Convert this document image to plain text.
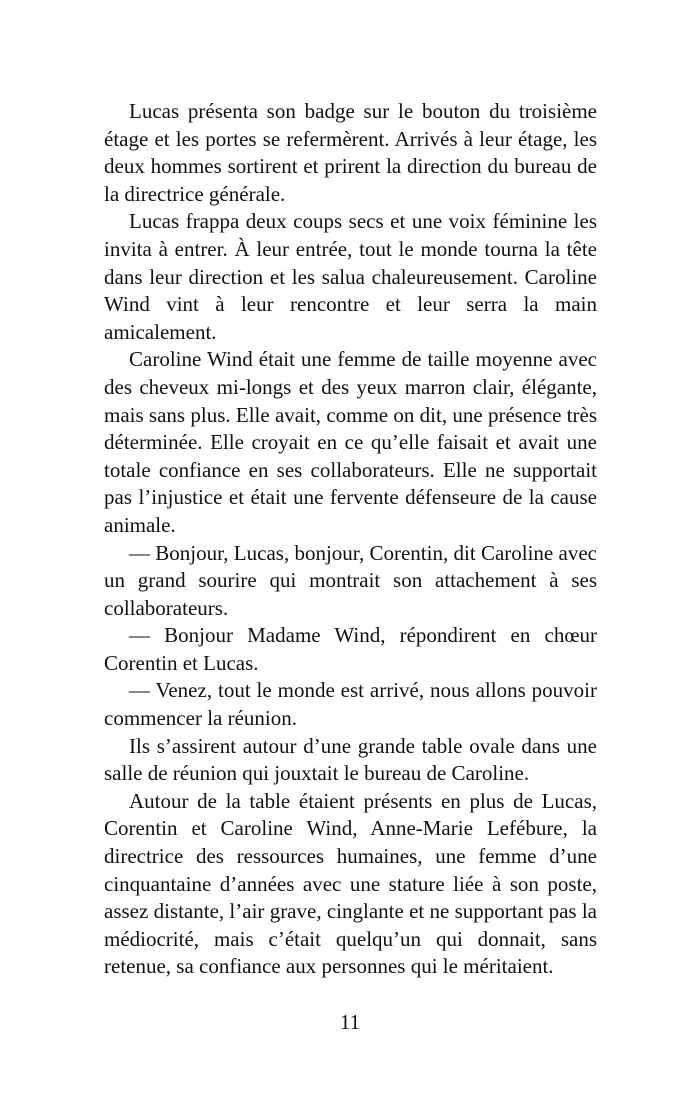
Lucas présenta son badge sur le bouton du troisième étage et les portes se refermèrent. Arrivés à leur étage, les deux hommes sortirent et prirent la direction du bureau de la directrice générale.

Lucas frappa deux coups secs et une voix féminine les invita à entrer. À leur entrée, tout le monde tourna la tête dans leur direction et les salua chaleureusement. Caroline Wind vint à leur rencontre et leur serra la main amicalement.

Caroline Wind était une femme de taille moyenne avec des cheveux mi-longs et des yeux marron clair, élégante, mais sans plus. Elle avait, comme on dit, une présence très déterminée. Elle croyait en ce qu’elle faisait et avait une totale confiance en ses collaborateurs. Elle ne supportait pas l’injustice et était une fervente défenseure de la cause animale.

— Bonjour, Lucas, bonjour, Corentin, dit Caroline avec un grand sourire qui montrait son attachement à ses collaborateurs.

— Bonjour Madame Wind, répondirent en chœur Corentin et Lucas.

— Venez, tout le monde est arrivé, nous allons pouvoir commencer la réunion.

Ils s’assirent autour d’une grande table ovale dans une salle de réunion qui jouxtait le bureau de Caroline.

Autour de la table étaient présents en plus de Lucas, Corentin et Caroline Wind, Anne-Marie Lefébure, la directrice des ressources humaines, une femme d’une cinquantaine d’années avec une stature liée à son poste, assez distante, l’air grave, cinglante et ne supportant pas la médiocrité, mais c’était quelqu’un qui donnait, sans retenue, sa confiance aux personnes qui le méritaient.

11
